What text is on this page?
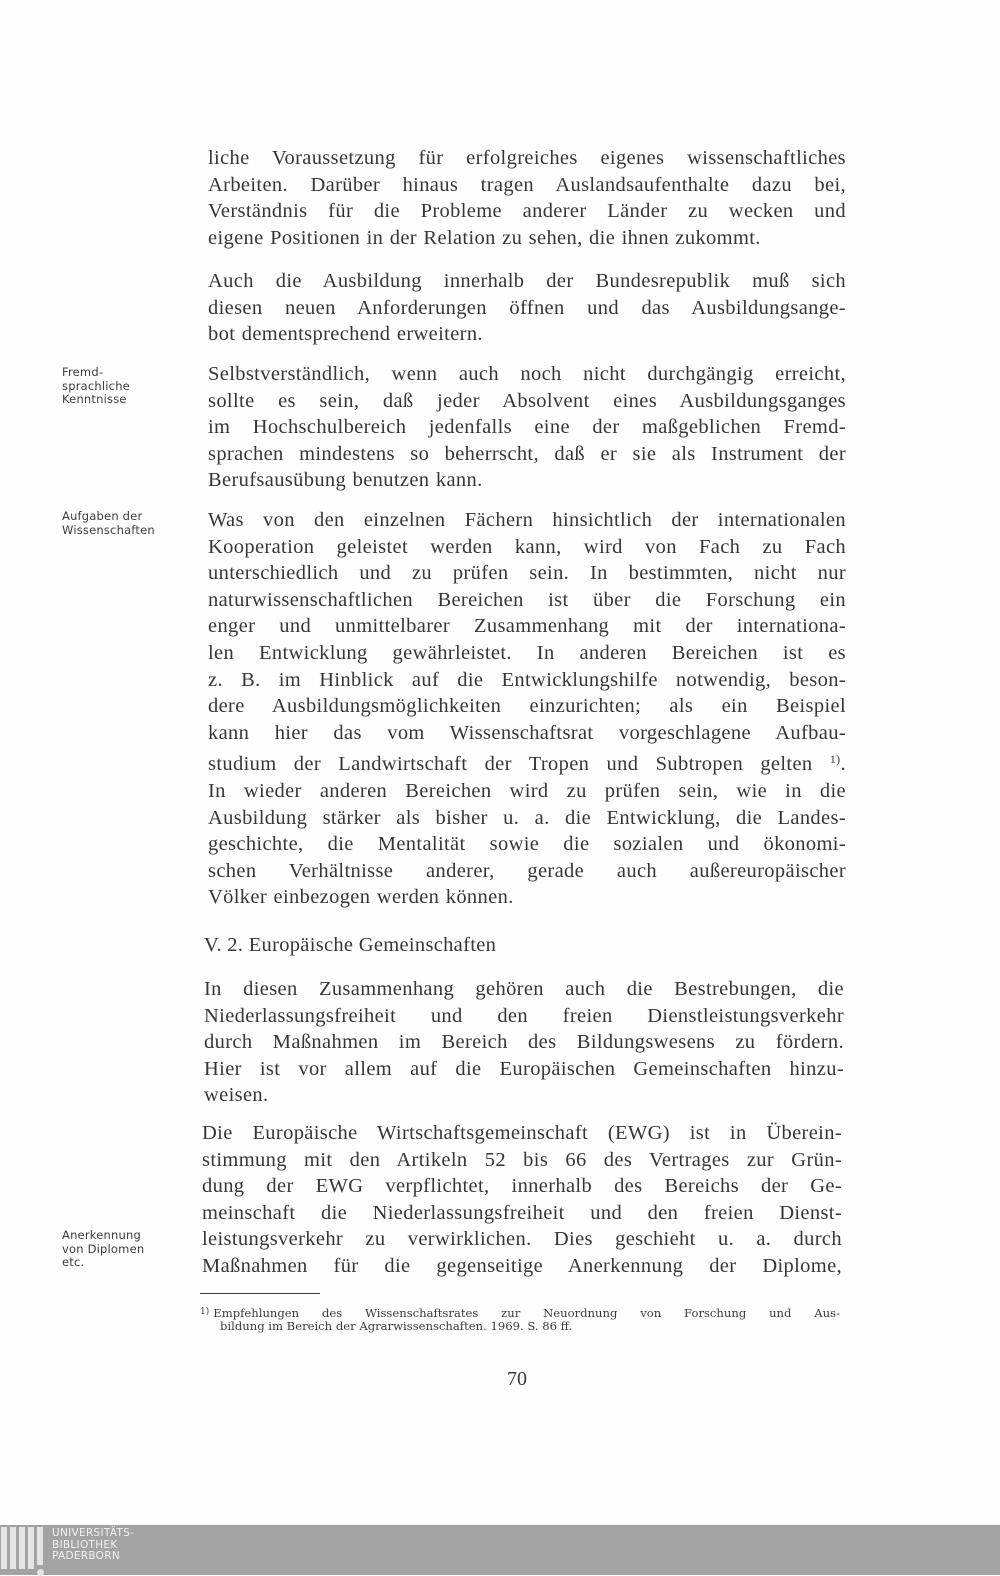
liche Voraussetzung für erfolgreiches eigenes wissenschaftliches
Arbeiten. Darüber hinaus tragen Auslandsaufenthalte dazu bei,
Verständnis für die Probleme anderer Länder zu wecken und
eigene Positionen in der Relation zu sehen, die ihnen zukommt.
Auch die Ausbildung innerhalb der Bundesrepublik muß sich
diesen neuen Anforderungen öffnen und das Ausbildungsange-
bot dementsprechend erweitern.
Fremd-
sprachliche
Kenntnisse
Selbstverständlich, wenn auch noch nicht durchgängig erreicht,
sollte es sein, daß jeder Absolvent eines Ausbildungsganges
im Hochschulbereich jedenfalls eine der maßgeblichen Fremd-
sprachen mindestens so beherrscht, daß er sie als Instrument der
Berufsausübung benutzen kann.
Aufgaben der
Wissenschaften	Was von den einzelnen Fächern hinsichtlich der internationalen
Kooperation geleistet werden kann, wird von Fach zu Fach
unterschiedlich und zu prüfen sein. In bestimmten, nicht nur
naturwissenschaftlichen Bereichen ist über die Forschung ein
enger und unmittelbarer Zusammenhang mit der internationa-
len Entwicklung gewährleistet. In anderen Bereichen ist es
z. B. im Hinblick auf die Entwicklungshilfe notwendig, beson-
dere Ausbildungsmöglichkeiten einzurichten; als ein Beispiel
kann hier das vom Wissenschaftsrat vorgeschlagene Aufbau-
studium der Landwirtschaft der Tropen und Subtropen gelten $^{1)}$.
In wieder anderen Bereichen wird zu prüfen sein, wie in die
Ausbildung stärker als bisher u. a. die Entwicklung, die Landes-
geschichte, die Mentalität sowie die sozialen und ökonomi-
schen Verhältnisse anderer, gerade auch außereuropäischer
Völker einbezogen werden können.
V. 2. Europäische Gemeinschaften
In diesen Zusammenhang gehören auch die Bestrebungen, die
Niederlassungsfreiheit und den freien Dienstleistungsverkehr
durch Maßnahmen im Bereich des Bildungswesens zu fördern.
Hier ist vor allem auf die Europäischen Gemeinschaften hinzu-
weisen.
Anerkennung
von Diplomen
etc.
Die Europäische Wirtschaftsgemeinschaft (EWG) ist in Überein-
stimmung mit den Artikeln 52 bis 66 des Vertrages zur Grün-
dung der EWG verpflichtet, innerhalb des Bereichs der Ge-
meinschaft die Niederlassungsfreiheit und den freien Dienst-
leistungsverkehr zu verwirklichen. Dies geschieht u. a. durch
Maßnahmen für die gegenseitige Anerkennung der Diplome,
$^{1)}$ Empfehlungen des Wissenschaftsrates zur Neuordnung von Forschung und Aus-
bildung im Bereich der Agrarwissenschaften. 1969. S. 86 ff.
70
UNIVERSITÄTS-
BIBLIOTHEK
PADERBORN
